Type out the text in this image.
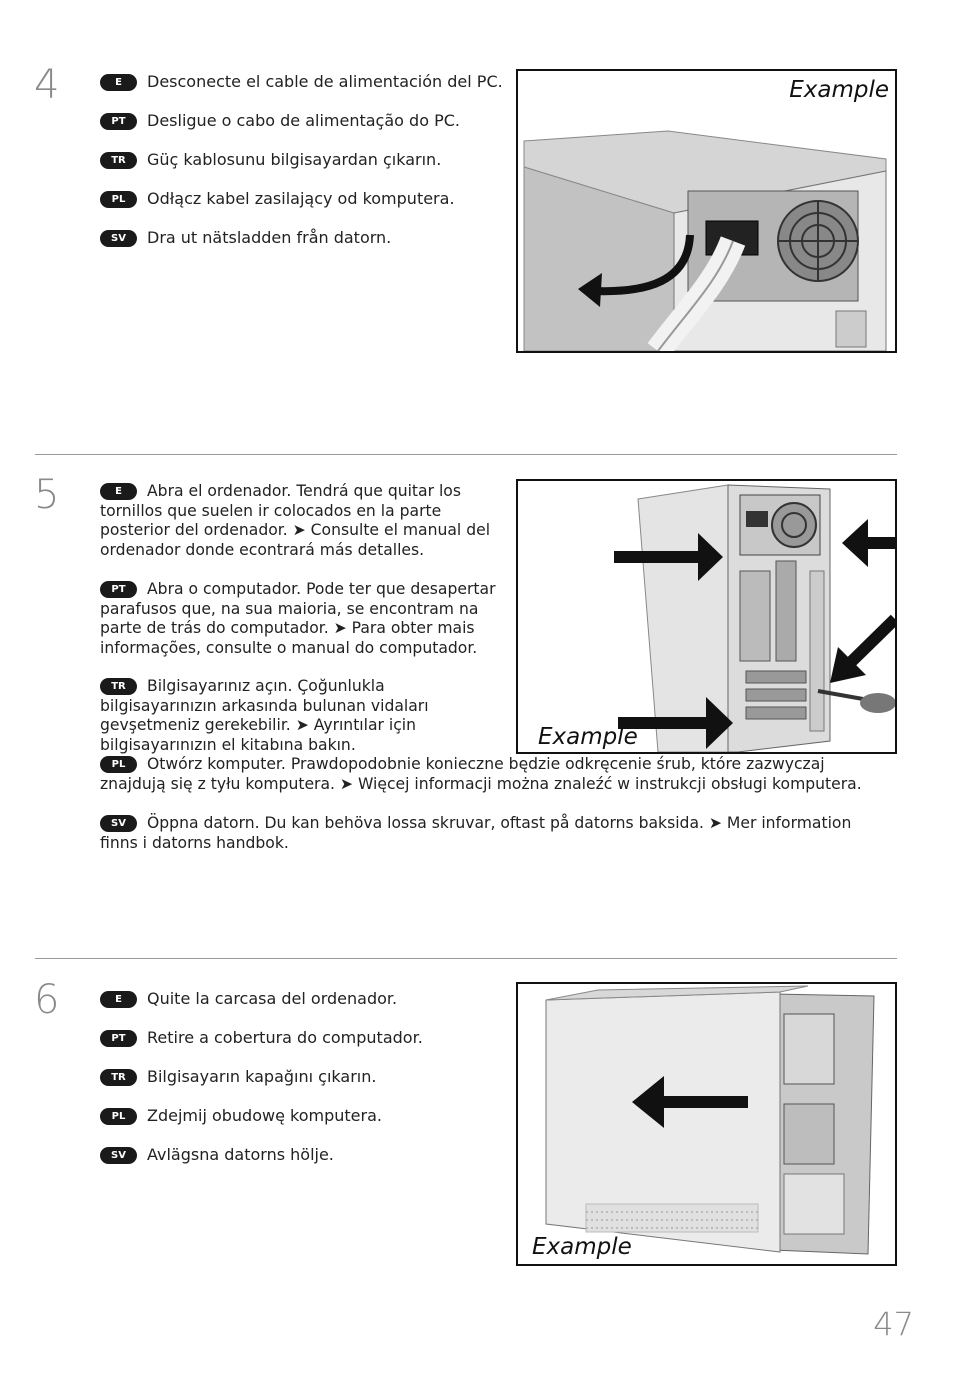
4	E Desconecte el cable de alimentación del PC.
PT Desligue o cabo de alimentação do PC.
TR Güç kablosunu bilgisayardan çıkarın.
PL Odłącz kabel zasilający od komputera.
SV Dra ut nätsladden från datorn.
Example
5	E Abra el ordenador. Tendrá que quitar los tornillos que suelen ir colocados en la parte posterior del ordenador. ➤ Consulte el manual del ordenador donde econtrará más detalles.
PT Abra o computador. Pode ter que desapertar parafusos que, na sua maioria, se encontram na parte de trás do computador. ➤ Para obter mais informações, consulte o manual do computador.
TR Bilgisayarınız açın. Çoğunlukla bilgisayarınızın arkasında bulunan vidaları gevşetmeniz gerekebilir. ➤ Ayrıntılar için bilgisayarınızın el kitabına bakın.
PL Otwórz komputer. Prawdopodobnie konieczne będzie odkręcenie śrub, które zazwyczaj znajdują się z tyłu komputera. ➤ Więcej informacji można znaleźć w instrukcji obsługi komputera.
SV Öppna datorn. Du kan behöva lossa skruvar, oftast på datorns baksida. ➤ Mer information finns i datorns handbok.
Example
6	E Quite la carcasa del ordenador.
PT Retire a cobertura do computador.
TR Bilgisayarın kapağını çıkarın.
PL Zdejmij obudowę komputera.
SV Avlägsna datorns hölje.
Example
47
